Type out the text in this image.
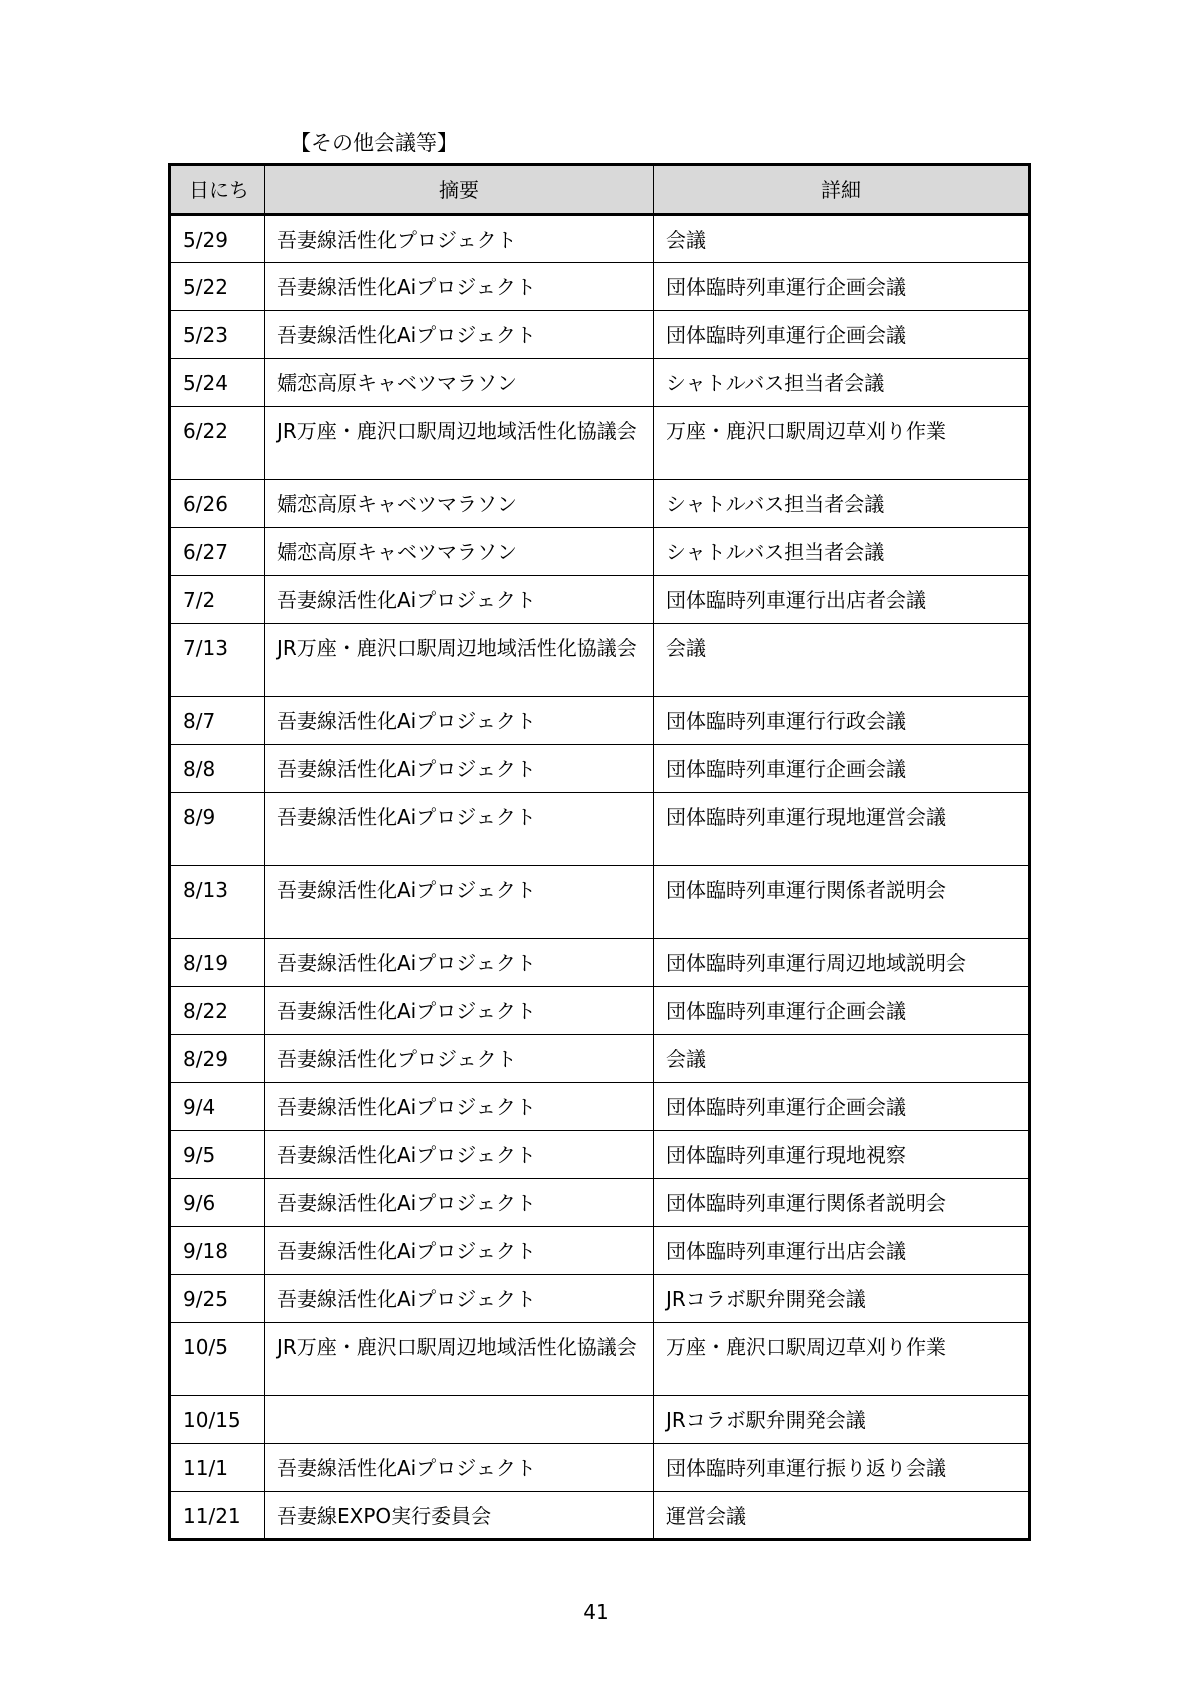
【その他会議等】
日にち	摘要	詳細
5/29	吾妻線活性化プロジェクト	会議
5/22	吾妻線活性化Aiプロジェクト	団体臨時列車運行企画会議
5/23	吾妻線活性化Aiプロジェクト	団体臨時列車運行企画会議
5/24	嬬恋高原キャベツマラソン	シャトルバス担当者会議
6/22	JR万座・鹿沢口駅周辺地域活性化協議会	万座・鹿沢口駅周辺草刈り作業
6/26	嬬恋高原キャベツマラソン	シャトルバス担当者会議
6/27	嬬恋高原キャベツマラソン	シャトルバス担当者会議
7/2	吾妻線活性化Aiプロジェクト	団体臨時列車運行出店者会議
7/13	JR万座・鹿沢口駅周辺地域活性化協議会	会議
8/7	吾妻線活性化Aiプロジェクト	団体臨時列車運行行政会議
8/8	吾妻線活性化Aiプロジェクト	団体臨時列車運行企画会議
8/9	吾妻線活性化Aiプロジェクト	団体臨時列車運行現地運営会議
8/13	吾妻線活性化Aiプロジェクト	団体臨時列車運行関係者説明会
8/19	吾妻線活性化Aiプロジェクト	団体臨時列車運行周辺地域説明会
8/22	吾妻線活性化Aiプロジェクト	団体臨時列車運行企画会議
8/29	吾妻線活性化プロジェクト	会議
9/4	吾妻線活性化Aiプロジェクト	団体臨時列車運行企画会議
9/5	吾妻線活性化Aiプロジェクト	団体臨時列車運行現地視察
9/6	吾妻線活性化Aiプロジェクト	団体臨時列車運行関係者説明会
9/18	吾妻線活性化Aiプロジェクト	団体臨時列車運行出店会議
9/25	吾妻線活性化Aiプロジェクト	JRコラボ駅弁開発会議
10/5	JR万座・鹿沢口駅周辺地域活性化協議会	万座・鹿沢口駅周辺草刈り作業
10/15		JRコラボ駅弁開発会議
11/1	吾妻線活性化Aiプロジェクト	団体臨時列車運行振り返り会議
11/21	吾妻線EXPO実行委員会	運営会議
41
